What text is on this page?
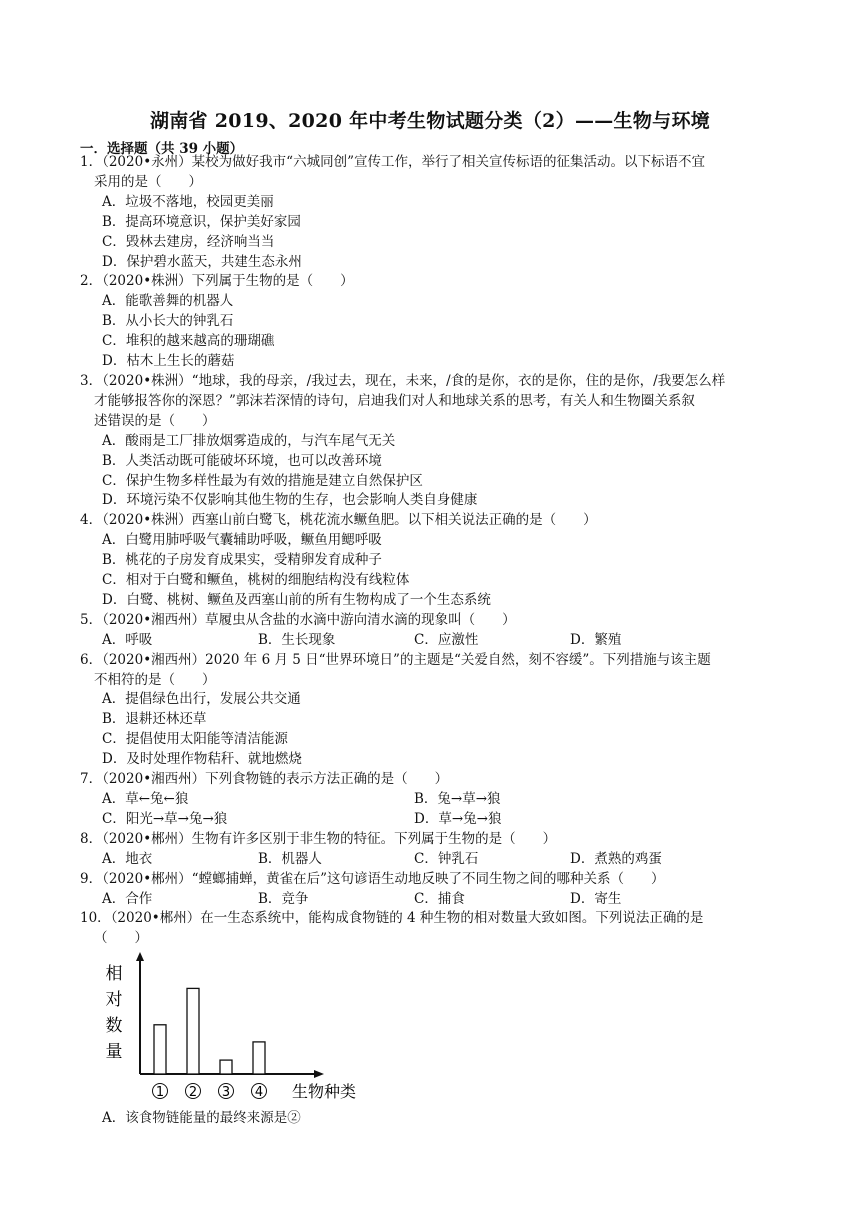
湖南省 2019、2020 年中考生物试题分类（2）——生物与环境
一．选择题（共 39 小题）
1．（2020•永州）某校为做好我市“六城同创”宣传工作，举行了相关宣传标语的征集活动。以下标语不宜
采用的是（　　）
A．垃圾不落地，校园更美丽
B．提高环境意识，保护美好家园
C．毁林去建房，经济响当当
D．保护碧水蓝天，共建生态永州
2．（2020•株洲）下列属于生物的是（　　）
A．能歌善舞的机器人
B．从小长大的钟乳石
C．堆积的越来越高的珊瑚礁
D．枯木上生长的蘑菇
3．（2020•株洲）“地球，我的母亲，/我过去，现在，未来，/食的是你，衣的是你，住的是你，/我要怎么样
才能够报答你的深恩？”郭沫若深情的诗句，启迪我们对人和地球关系的思考，有关人和生物圈关系叙
述错误的是（　　）
A．酸雨是工厂排放烟雾造成的，与汽车尾气无关
B．人类活动既可能破坏环境，也可以改善环境
C．保护生物多样性最为有效的措施是建立自然保护区
D．环境污染不仅影响其他生物的生存，也会影响人类自身健康
4．（2020•株洲）西塞山前白鹭飞，桃花流水鳜鱼肥。以下相关说法正确的是（　　）
A．白鹭用肺呼吸气囊辅助呼吸，鳜鱼用鳃呼吸
B．桃花的子房发育成果实，受精卵发育成种子
C．相对于白鹭和鳜鱼，桃树的细胞结构没有线粒体
D．白鹭、桃树、鳜鱼及西塞山前的所有生物构成了一个生态系统
5．（2020•湘西州）草履虫从含盐的水滴中游向清水滴的现象叫（　　）
A．呼吸	B．生长现象	C．应激性	D．繁殖
6．（2020•湘西州）2020 年 6 月 5 日“世界环境日”的主题是“关爱自然，刻不容缓”。下列措施与该主题
不相符的是（　　）
A．提倡绿色出行，发展公共交通
B．退耕还林还草
C．提倡使用太阳能等清洁能源
D．及时处理作物秸秆、就地燃烧
7．（2020•湘西州）下列食物链的表示方法正确的是（　　）
A．草←兔←狼	B．兔→草→狼
C．阳光→草→兔→狼	D．草→兔→狼
8．（2020•郴州）生物有许多区别于非生物的特征。下列属于生物的是（　　）
A．地衣	B．机器人	C．钟乳石	D．煮熟的鸡蛋
9．（2020•郴州）“螳螂捕蝉，黄雀在后”这句谚语生动地反映了不同生物之间的哪种关系（　　）
A．合作	B．竞争	C．捕食	D．寄生
10．（2020•郴州）在一生态系统中，能构成食物链的 4 种生物的相对数量大致如图。下列说法正确的是
（　　）
相
对
数
量
1 2 3 4 生物种类
A．该食物链能量的最终来源是②
